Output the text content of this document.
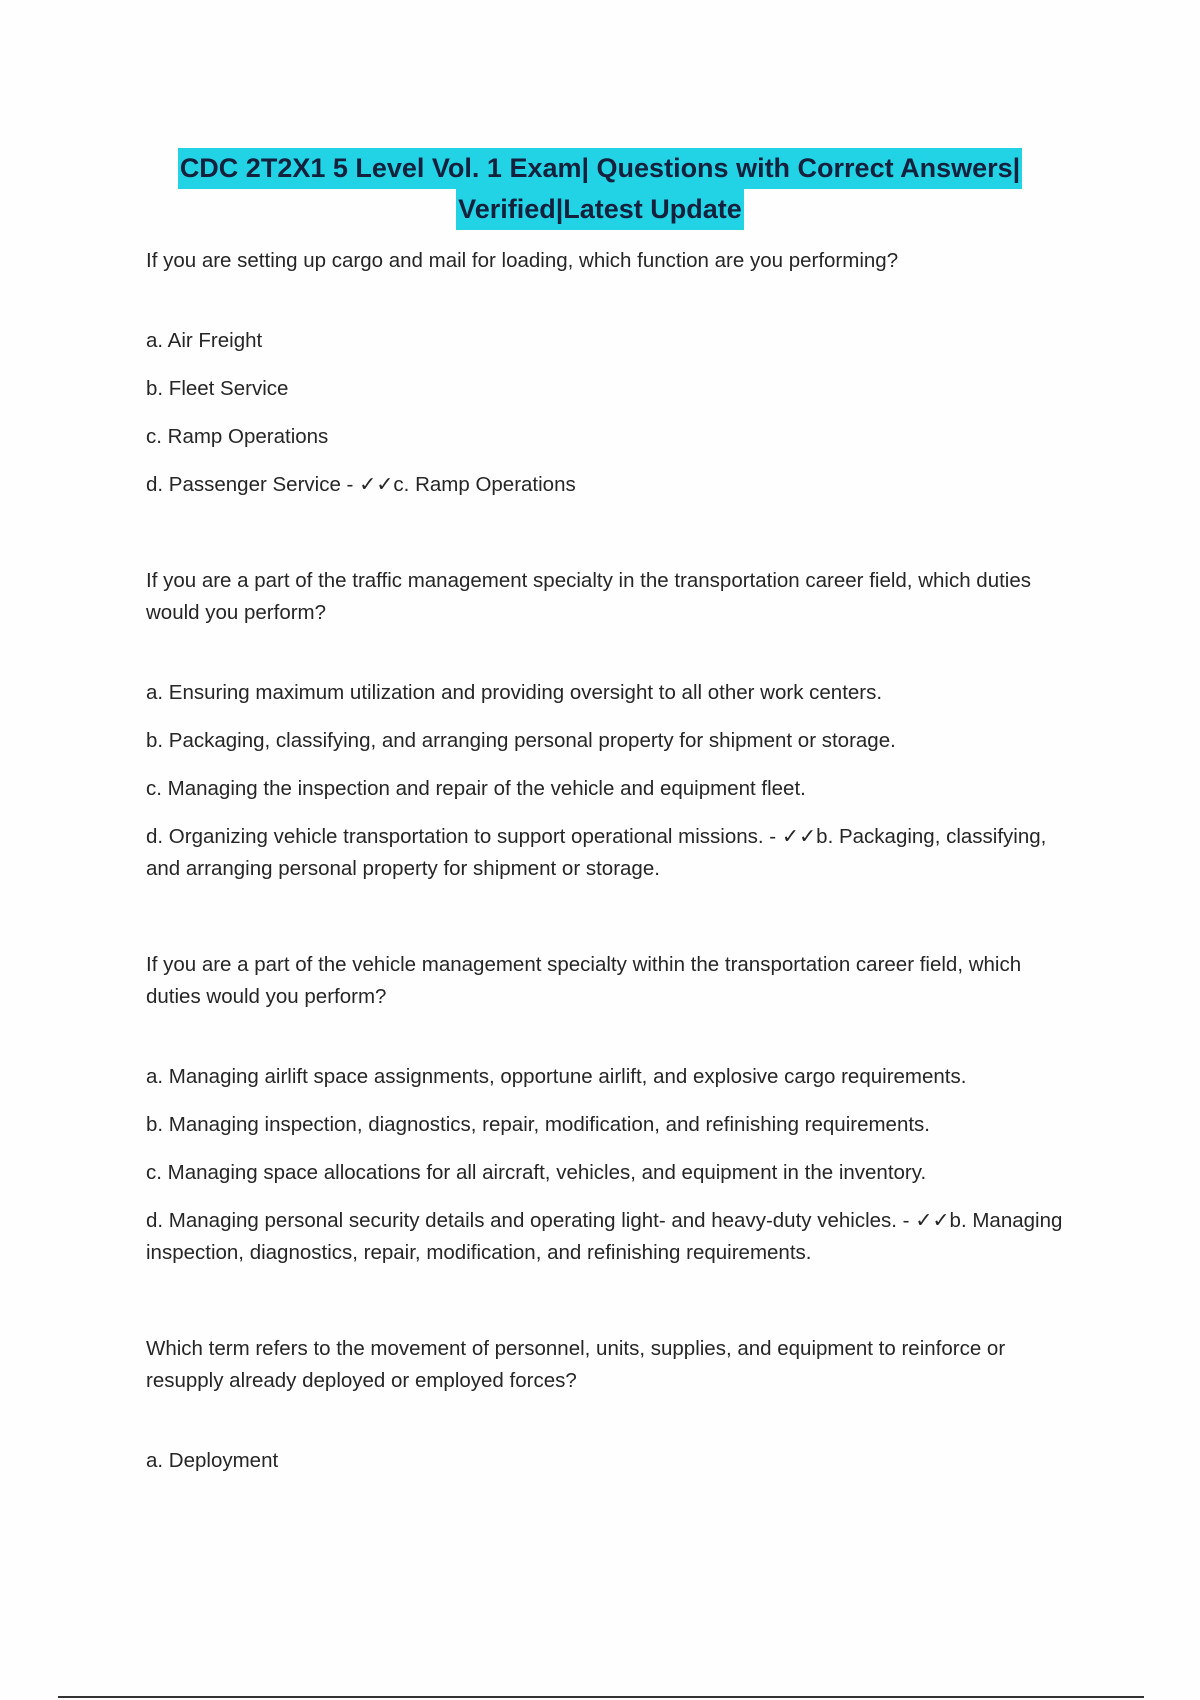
CDC 2T2X1 5 Level Vol. 1 Exam| Questions with Correct Answers|
Verified|Latest Update

If you are setting up cargo and mail for loading, which function are you performing?

a. Air Freight

b. Fleet Service

c. Ramp Operations

d. Passenger Service - ✓✓c. Ramp Operations

If you are a part of the traffic management specialty in the transportation career field, which duties would you perform?

a. Ensuring maximum utilization and providing oversight to all other work centers.

b. Packaging, classifying, and arranging personal property for shipment or storage.

c. Managing the inspection and repair of the vehicle and equipment fleet.

d. Organizing vehicle transportation to support operational missions. - ✓✓b. Packaging, classifying, and arranging personal property for shipment or storage.

If you are a part of the vehicle management specialty within the transportation career field, which duties would you perform?

a. Managing airlift space assignments, opportune airlift, and explosive cargo requirements.

b. Managing inspection, diagnostics, repair, modification, and refinishing requirements.

c. Managing space allocations for all aircraft, vehicles, and equipment in the inventory.

d. Managing personal security details and operating light- and heavy-duty vehicles. - ✓✓b. Managing inspection, diagnostics, repair, modification, and refinishing requirements.

Which term refers to the movement of personnel, units, supplies, and equipment to reinforce or resupply already deployed or employed forces?

a. Deployment
